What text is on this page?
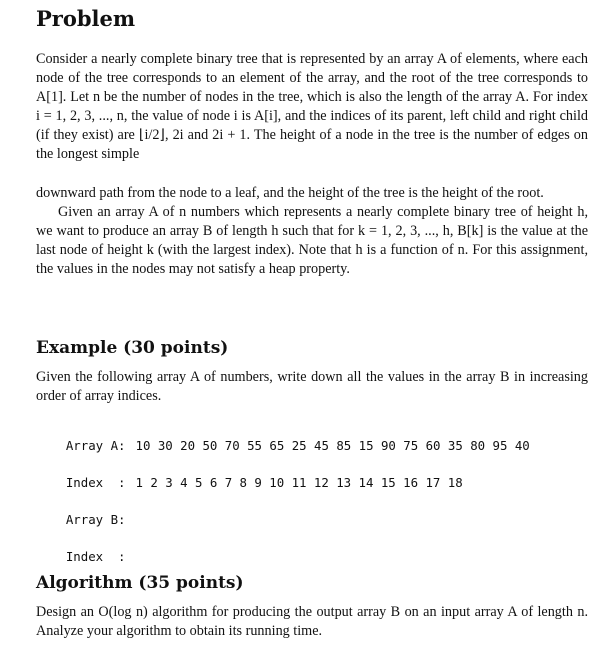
Problem

Consider a nearly complete binary tree that is represented by an array A of elements, where each node of the tree corresponds to an element of the array, and the root of the tree corresponds to A[1]. Let n be the number of nodes in the tree, which is also the length of the array A. For index i = 1, 2, 3, ..., n, the value of node i is A[i], and the indices of its parent, left child and right child (if they exist) are ⌊i/2⌋, 2i and 2i + 1. The height of a node in the tree is the number of edges on the longest simple

downward path from the node to a leaf, and the height of the tree is the height of the root.

Given an array A of n numbers which represents a nearly complete binary tree of height h, we want to produce an array B of length h such that for k = 1, 2, 3, ..., h, B[k] is the value at the last node of height k (with the largest index). Note that h is a function of n. For this assignment, the values in the nodes may not satisfy a heap property.

Example (30 points)

Given the following array A of numbers, write down all the values in the array B in increasing order of array indices.

Array A: 10 30 20 50 70 55 65 25 45 85 15 90 75 60 35 80 95 40

Index  : 1 2 3 4 5 6 7 8 9 10 11 12 13 14 15 16 17 18

Array B:

Index  :

Algorithm (35 points)

Design an O(log n) algorithm for producing the output array B on an input array A of length n. Analyze your algorithm to obtain its running time.
